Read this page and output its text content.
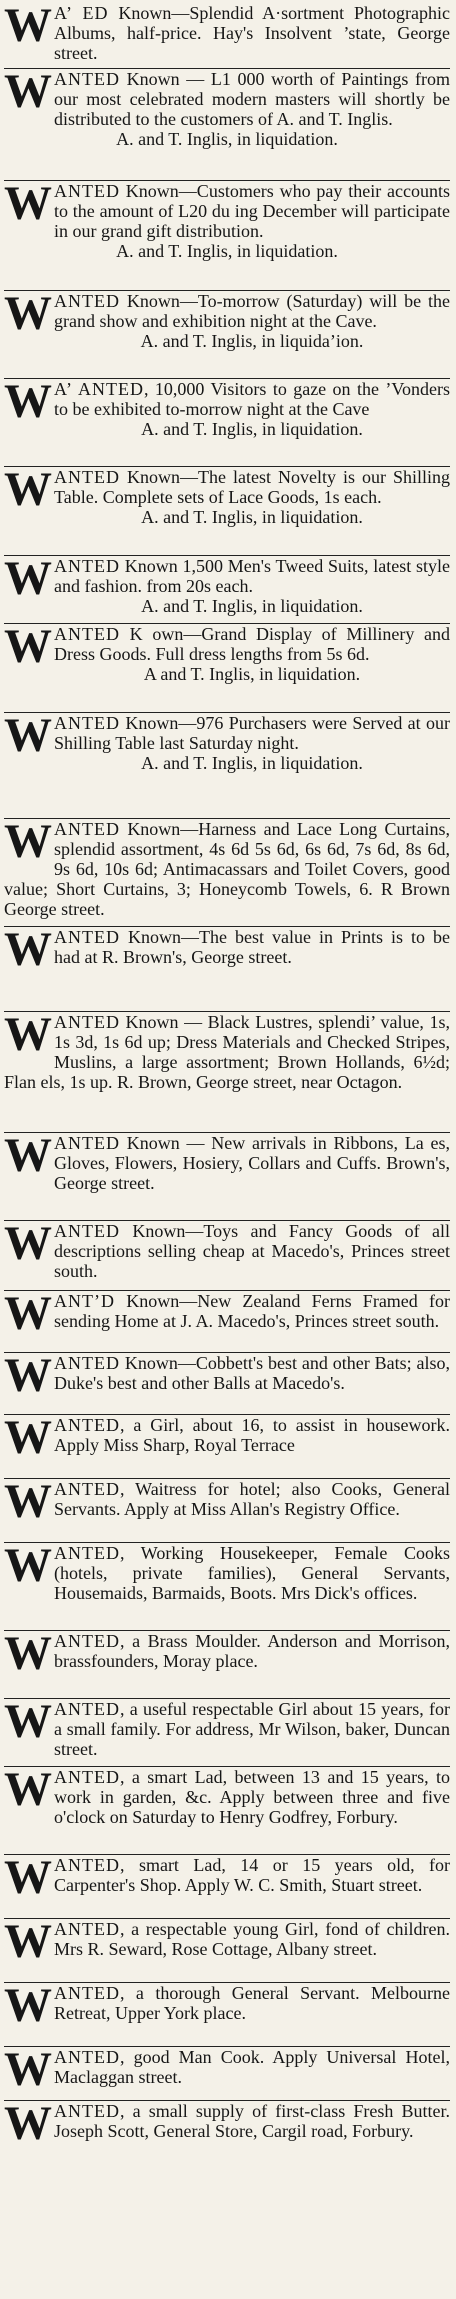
W A’ ED Known—Splendid A·sortment Photographic Albums, half-price. Hay's Insolvent ’state, George street.
WANTED Known — L1 000 worth of Paintings from our most celebrated modern masters will shortly be distributed to the customers of A. and T. Inglis.
A. and T. Inglis, in liquidation.
WANTED Known—Customers who pay their accounts to the amount of L20 du ing December will participate in our grand gift distribution.
A. and T. Inglis, in liquidation.
WANTED Known—To-morrow (Saturday) will be the grand show and exhibition night at the Cave.
A. and T. Inglis, in liquida’ion.
W A’ ANTED, 10,000 Visitors to gaze on the ’Vonders to be exhibited to-morrow night at the Cave
A. and T. Inglis, in liquidation.
WANTED Known—The latest Novelty is our Shilling Table. Complete sets of Lace Goods, 1s each.
A. and T. Inglis, in liquidation.
WANTED Known 1,500 Men's Tweed Suits, latest style and fashion. from 20s each.
A. and T. Inglis, in liquidation.
WANTED K own—Grand Display of Millinery and Dress Goods. Full dress lengths from 5s 6d.
A and T. Inglis, in liquidation.
WANTED Known—976 Purchasers were Served at our Shilling Table last Saturday night.
A. and T. Inglis, in liquidation.
WANTED Known—Harness and Lace Long Curtains, splendid assortment, 4s 6d 5s 6d, 6s 6d, 7s 6d, 8s 6d, 9s 6d, 10s 6d; Antimacassars and Toilet Covers, good value; Short Curtains, 3; Honeycomb Towels, 6. R Brown George street.
WANTED Known—The best value in Prints is to be had at R. Brown's, George street.
WANTED Known — Black Lustres, splendi’ value, 1s, 1s 3d, 1s 6d up; Dress Materials and Checked Stripes, Muslins, a large assortment; Brown Hollands, 6½d; Flan els, 1s up. R. Brown, George street, near Octagon.
WANTED Known — New arrivals in Ribbons, La es, Gloves, Flowers, Hosiery, Collars and Cuffs. Brown's, George street.
WANTED Known—Toys and Fancy Goods of all descriptions selling cheap at Macedo's, Princes street south.
WANT’D Known—New Zealand Ferns Framed for sending Home at J. A. Macedo's, Princes street south.
WANTED Known—Cobbett's best and other Bats; also, Duke's best and other Balls at Macedo's.
WANTED, a Girl, about 16, to assist in housework. Apply Miss Sharp, Royal Terrace
WANTED, Waitress for hotel; also Cooks, General Servants. Apply at Miss Allan's Registry Office.
WANTED, Working Housekeeper, Female Cooks (hotels, private families), General Servants, Housemaids, Barmaids, Boots. Mrs Dick's offices.
WANTED, a Brass Moulder. Anderson and Morrison, brassfounders, Moray place.
WANTED, a useful respectable Girl about 15 years, for a small family. For address, Mr Wilson, baker, Duncan street.
WANTED, a smart Lad, between 13 and 15 years, to work in garden, &c. Apply between three and five o'clock on Saturday to Henry Godfrey, Forbury.
WANTED, smart Lad, 14 or 15 years old, for Carpenter's Shop. Apply W. C. Smith, Stuart street.
WANTED, a respectable young Girl, fond of children. Mrs R. Seward, Rose Cottage, Albany street.
WANTED, a thorough General Servant. Melbourne Retreat, Upper York place.
WANTED, good Man Cook. Apply Universal Hotel, Maclaggan street.
WANTED, a small supply of first-class Fresh Butter. Joseph Scott, General Store, Cargil road, Forbury.
